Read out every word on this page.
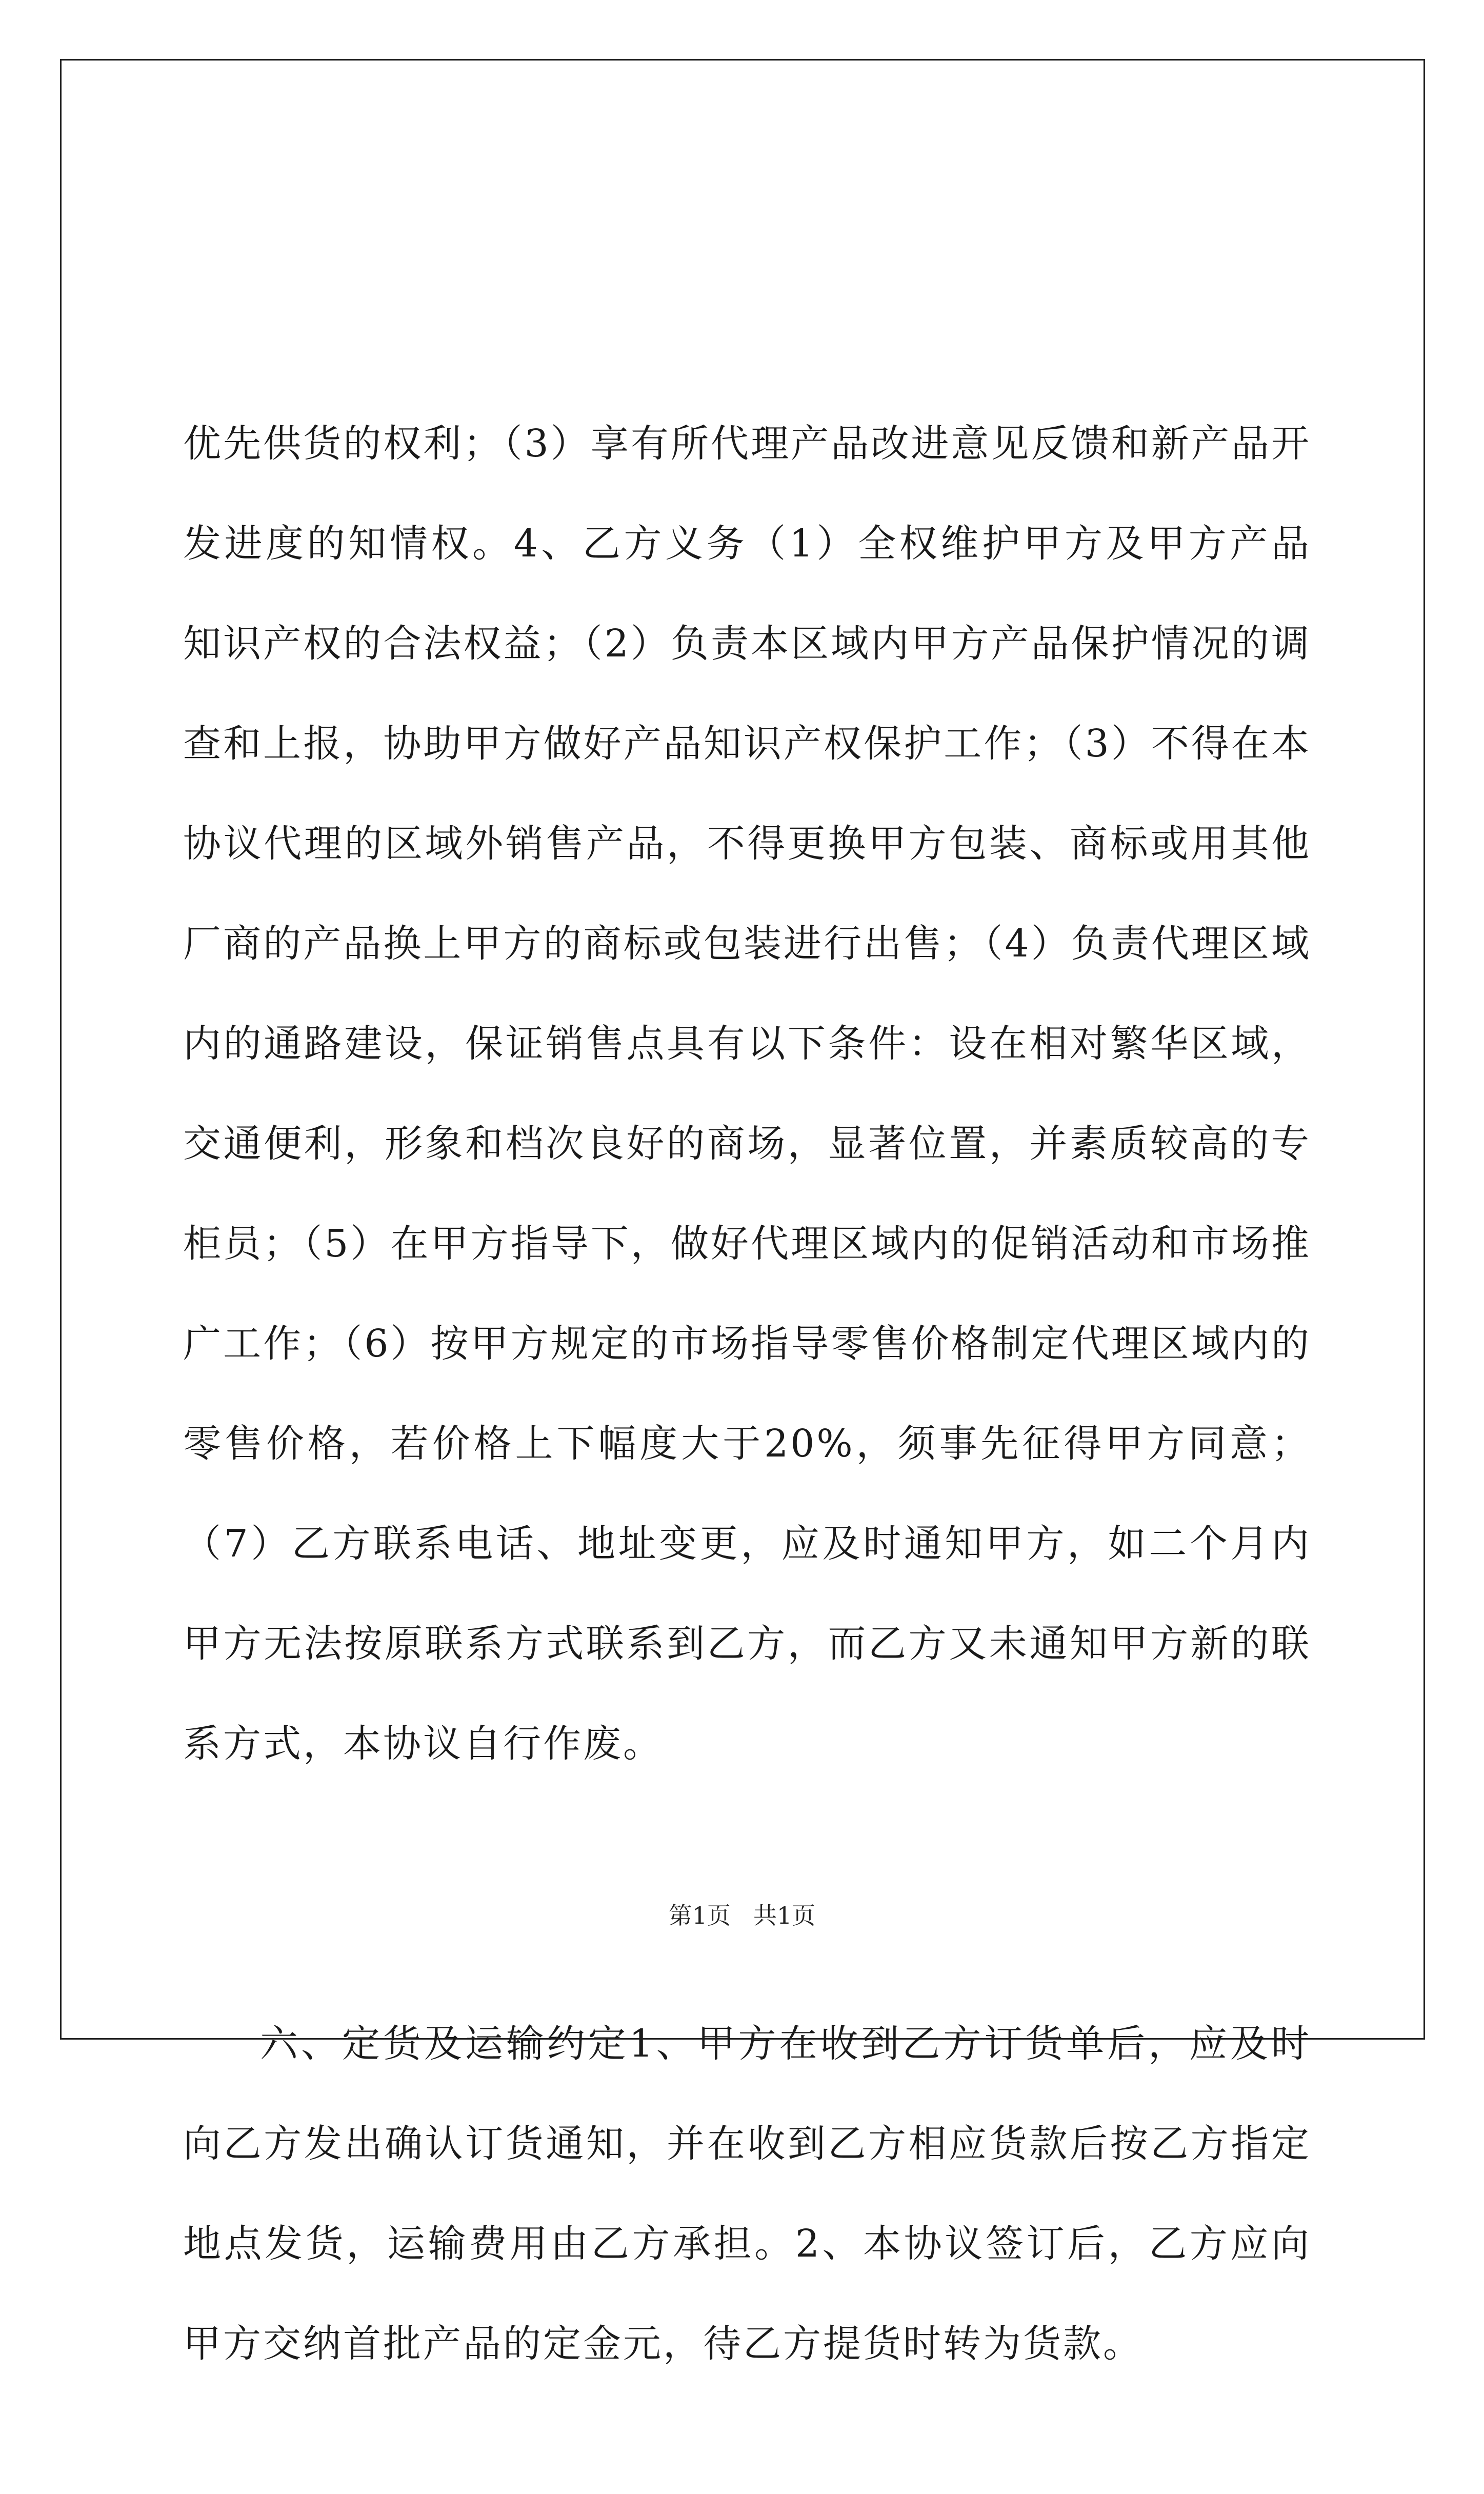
优先供货的权利；（3）享有所代理产品改进意见反馈和新产品开发进度的知情权。4、乙方义务（1）全权维护甲方及甲方产品知识产权的合法权益；（2）负责本区域内甲方产品保护情况的调查和上报，协助甲方做好产品知识产权保护工作；（3）不得在本协议代理的区域外销售产品，不得更换甲方包装、商标或用其他厂商的产品换上甲方的商标或包装进行出售；（4）负责代理区域内的通路建设，保证销售点具有以下条件：设在相对繁华区域，交通便利，形象和档次良好的商场，显著位置，并素质较高的专柜员；（5）在甲方指导下，做好代理区域内的促销活动和市场推广工作；（6）按甲方规定的市场指导零售价格制定代理区域内的零售价格，若价格上下幅度大于20%，须事先征得甲方同意；（7）乙方联系电话、地址变更，应及时通知甲方，如二个月内甲方无法按原联系方式联系到乙方，而乙方又未通知甲方新的联系方式，本协议自行作废。

六、定货及运输约定1、甲方在收到乙方订货单后，应及时向乙方发出确认订货通知，并在收到乙方相应货款后按乙方指定地点发货，运输费用由乙方承担。2、本协议签订后，乙方应向甲方交纳首批产品的定金元，待乙方提货时转为货款。

第1页 共1页
